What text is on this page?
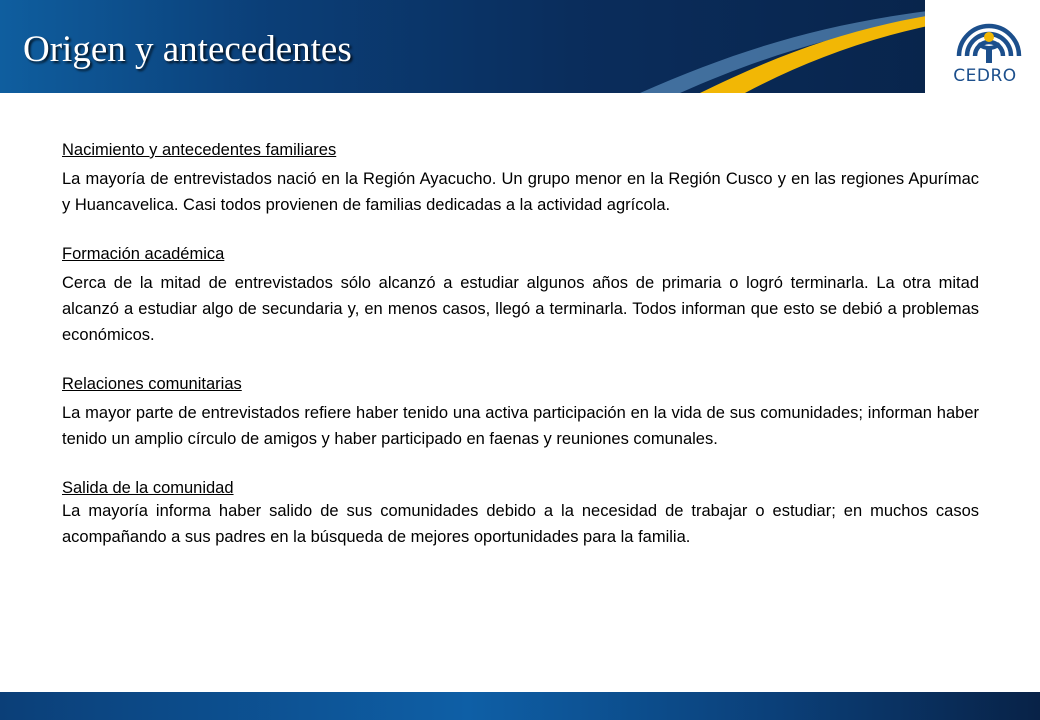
Origen y antecedentes
CEDRO

Nacimiento y antecedentes familiares

La mayoría de entrevistados nació en la Región Ayacucho. Un grupo menor en la Región Cusco y en las regiones Apurímac y Huancavelica. Casi todos provienen de familias dedicadas a la actividad agrícola.

Formación académica

Cerca de la mitad de entrevistados sólo alcanzó a estudiar algunos años de primaria o logró terminarla. La otra mitad alcanzó a estudiar algo de secundaria y, en menos casos, llegó a terminarla. Todos informan que esto se debió a problemas económicos.

Relaciones comunitarias

La mayor parte de entrevistados refiere haber tenido una activa participación en la vida de sus comunidades; informan haber tenido un amplio círculo de amigos y haber participado en faenas y reuniones comunales.

Salida de la comunidad

La mayoría informa haber salido de sus comunidades debido a la necesidad de trabajar o estudiar; en muchos casos acompañando a sus padres en la búsqueda de mejores oportunidades para la familia.
